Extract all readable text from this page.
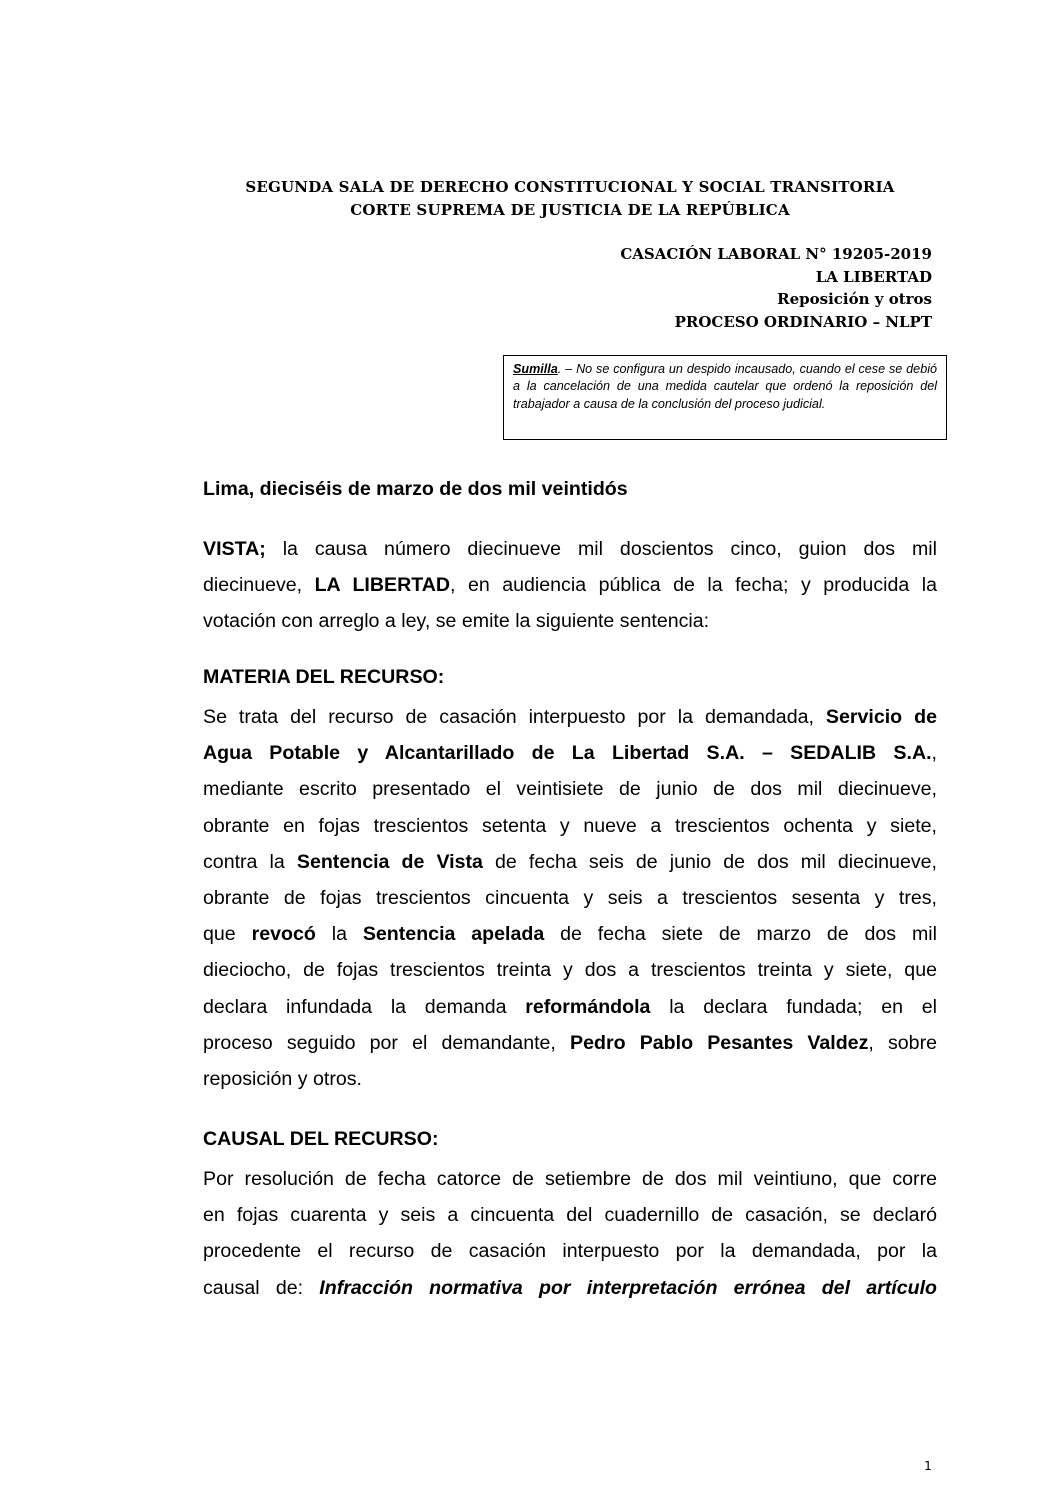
SEGUNDA SALA DE DERECHO CONSTITUCIONAL Y SOCIAL TRANSITORIA
CORTE SUPREMA DE JUSTICIA DE LA REPÚBLICA
CASACIÓN LABORAL N° 19205-2019
LA LIBERTAD
Reposición y otros
PROCESO ORDINARIO – NLPT
Sumilla. – No se configura un despido incausado, cuando el cese se debió a la cancelación de una medida cautelar que ordenó la reposición del trabajador a causa de la conclusión del proceso judicial.
Lima, dieciséis de marzo de dos mil veintidós
VISTA; la causa número diecinueve mil doscientos cinco, guion dos mil
diecinueve, LA LIBERTAD, en audiencia pública de la fecha; y producida la
votación con arreglo a ley, se emite la siguiente sentencia:
MATERIA DEL RECURSO:
Se trata del recurso de casación interpuesto por la demandada, Servicio de
Agua Potable y Alcantarillado de La Libertad S.A. – SEDALIB S.A.,
mediante escrito presentado el veintisiete de junio de dos mil diecinueve,
obrante en fojas trescientos setenta y nueve a trescientos ochenta y siete,
contra la Sentencia de Vista de fecha seis de junio de dos mil diecinueve,
obrante de fojas trescientos cincuenta y seis a trescientos sesenta y tres,
que revocó la Sentencia apelada de fecha siete de marzo de dos mil
dieciocho, de fojas trescientos treinta y dos a trescientos treinta y siete, que
declara infundada la demanda reformándola la declara fundada; en el
proceso seguido por el demandante, Pedro Pablo Pesantes Valdez, sobre
reposición y otros.
CAUSAL DEL RECURSO:
Por resolución de fecha catorce de setiembre de dos mil veintiuno, que corre
en fojas cuarenta y seis a cincuenta del cuadernillo de casación, se declaró
procedente el recurso de casación interpuesto por la demandada, por la
causal de: Infracción normativa por interpretación errónea del artículo
1
